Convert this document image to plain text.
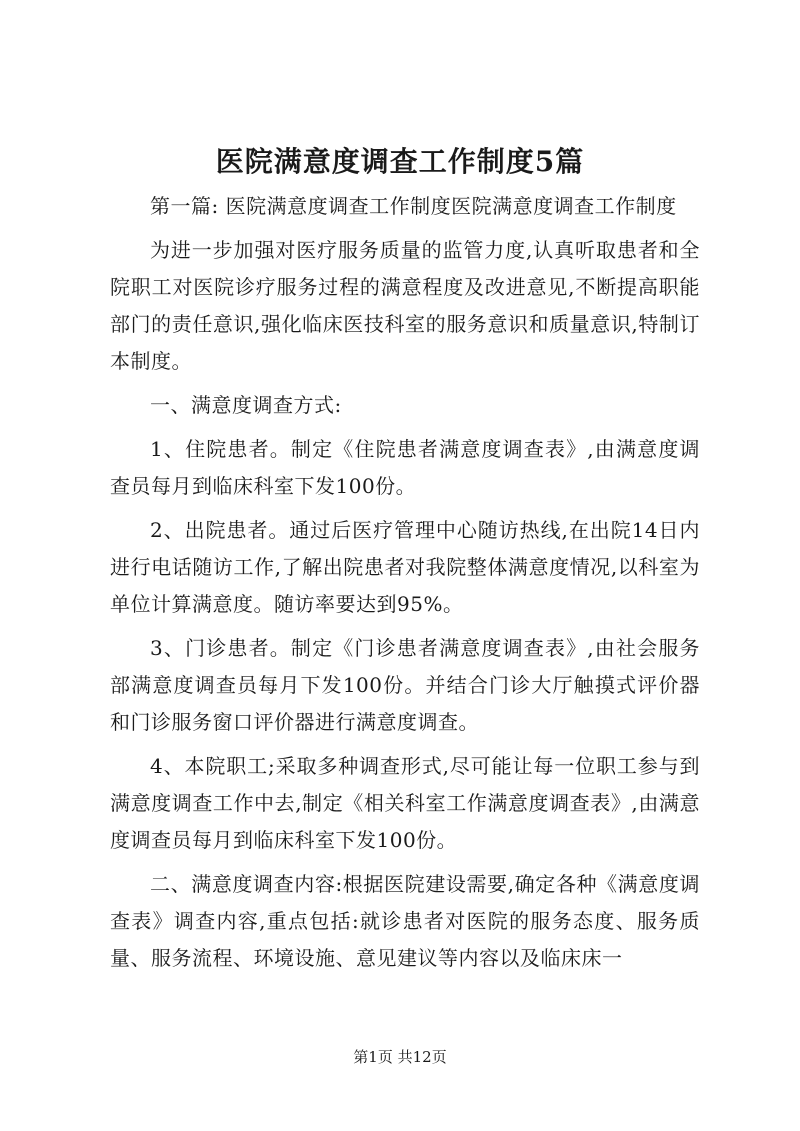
医院满意度调查工作制度5篇

第一篇: 医院满意度调查工作制度医院满意度调查工作制度

为进一步加强对医疗服务质量的监管力度,认真听取患者和全院职工对医院诊疗服务过程的满意程度及改进意见,不断提高职能部门的责任意识,强化临床医技科室的服务意识和质量意识,特制订本制度。

一、满意度调查方式:

1、住院患者。制定《住院患者满意度调查表》,由满意度调查员每月到临床科室下发100份。

2、出院患者。通过后医疗管理中心随访热线,在出院14日内进行电话随访工作,了解出院患者对我院整体满意度情况,以科室为单位计算满意度。随访率要达到95%。

3、门诊患者。制定《门诊患者满意度调查表》,由社会服务部满意度调查员每月下发100份。并结合门诊大厅触摸式评价器和门诊服务窗口评价器进行满意度调查。

4、本院职工;采取多种调查形式,尽可能让每一位职工参与到满意度调查工作中去,制定《相关科室工作满意度调查表》,由满意度调查员每月到临床科室下发100份。

二、满意度调查内容:根据医院建设需要,确定各种《满意度调查表》调查内容,重点包括:就诊患者对医院的服务态度、服务质量、服务流程、环境设施、意见建议等内容以及临床床一

第1页 共12页
